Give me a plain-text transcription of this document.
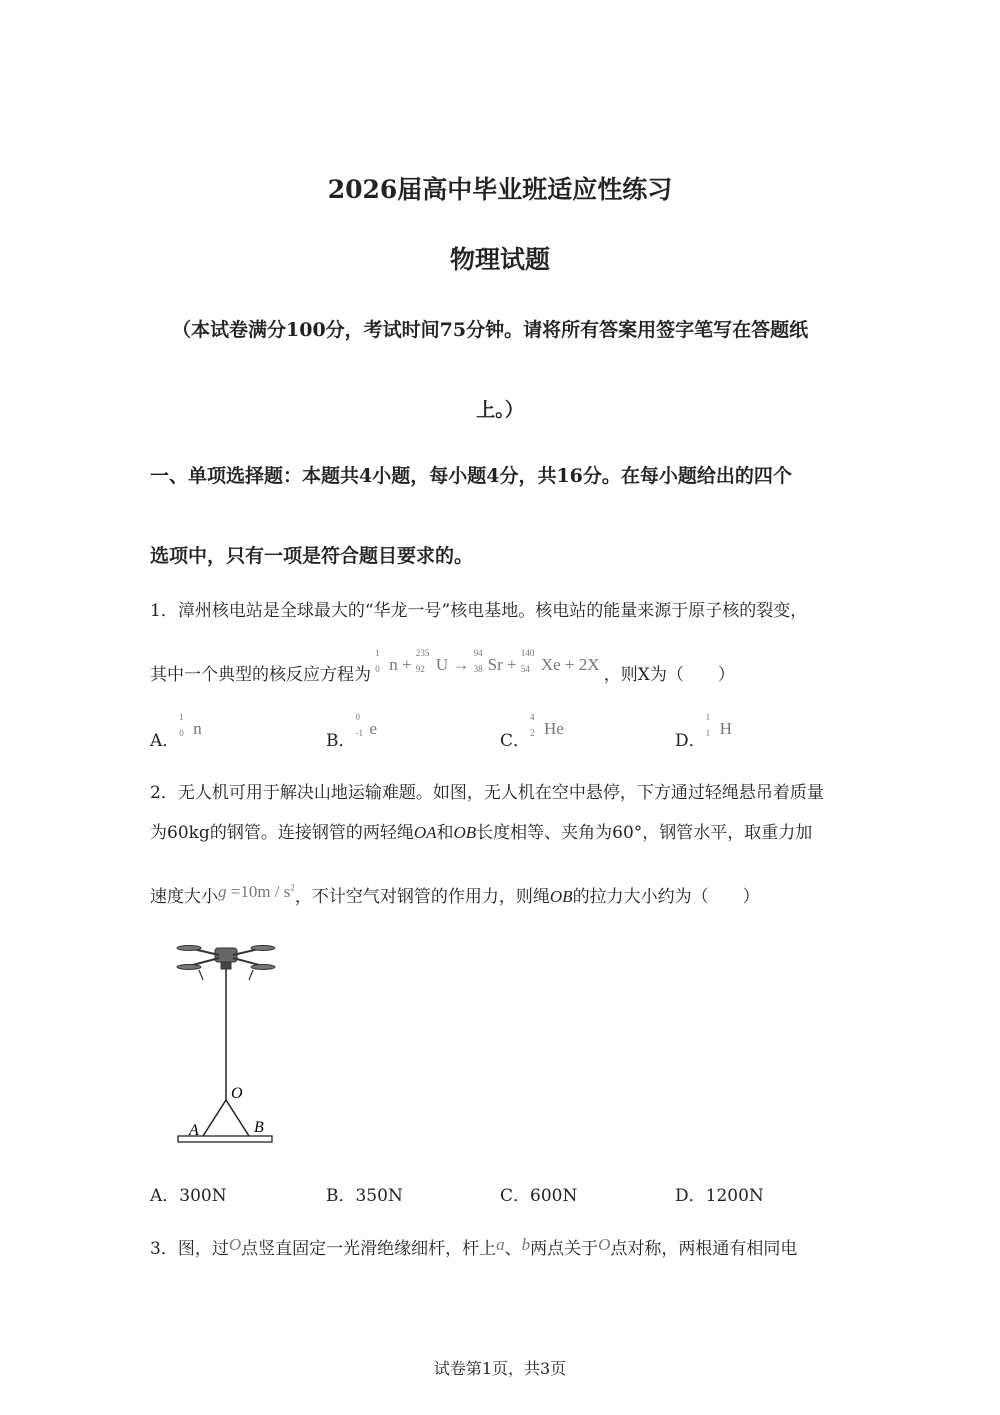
2026届高中毕业班适应性练习
物理试题
（本试卷满分100分，考试时间75分钟。请将所有答案用签字笔写在答题纸
上。）
一、单项选择题：本题共4小题，每小题4分，共16分。在每小题给出的四个
选项中，只有一项是符合题目要求的。
1．漳州核电站是全球最大的“华龙一号”核电基地。核电站的能量来源于原子核的裂变，
其中一个典型的核反应方程为
1
0 n +
235
92 U →
94
38 Sr +
140
54 Xe + 2X ，则X为（　　）
A．
1
0 n
B．
0
-1 e
C．
4
2 He
D．
1
1 H
2．无人机可用于解决山地运输难题。如图，无人机在空中悬停，下方通过轻绳悬吊着质量
为60kg的钢管。连接钢管的两轻绳OA和OB长度相等、夹角为60°，钢管水平，取重力加
速度大小$g =10m / s^2$，不计空气对钢管的作用力，则绳OB的拉力大小约为（　　）
O
A	B
A．300N	B．350N	C．600N	D．1200N
3．图，过O点竖直固定一光滑绝缘细杆，杆上a、b两点关于O点对称，两根通有相同电
试卷第1页，共3页
